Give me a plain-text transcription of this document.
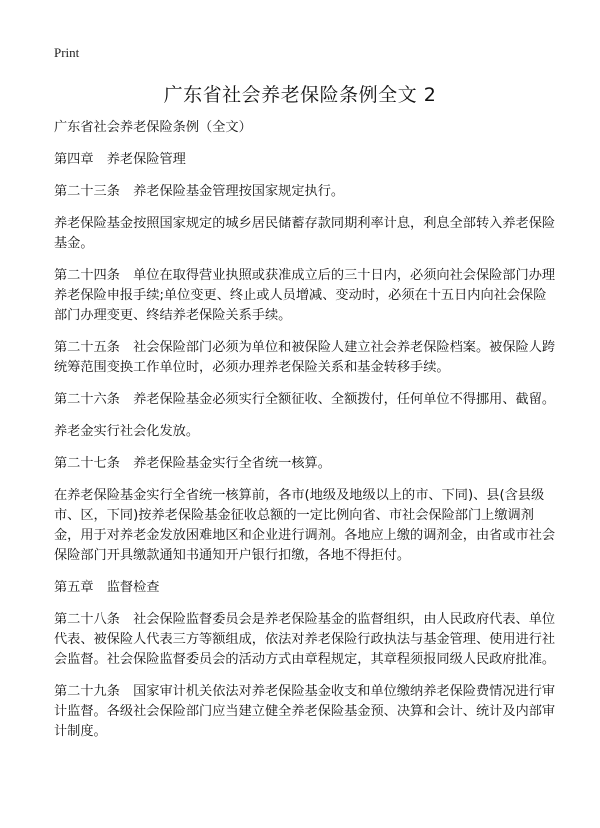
Print
广东省社会养老保险条例全文 2

广东省社会养老保险条例（全文）

第四章　养老保险管理

第二十三条　养老保险基金管理按国家规定执行。

养老保险基金按照国家规定的城乡居民储蓄存款同期利率计息，利息全部转入养老保险基金。

第二十四条　单位在取得营业执照或获准成立后的三十日内，必须向社会保险部门办理养老保险申报手续;单位变更、终止或人员增减、变动时，必须在十五日内向社会保险部门办理变更、终结养老保险关系手续。

第二十五条　社会保险部门必须为单位和被保险人建立社会养老保险档案。被保险人跨统筹范围变换工作单位时，必须办理养老保险关系和基金转移手续。

第二十六条　养老保险基金必须实行全额征收、全额拨付，任何单位不得挪用、截留。

养老金实行社会化发放。

第二十七条　养老保险基金实行全省统一核算。

在养老保险基金实行全省统一核算前，各市(地级及地级以上的市、下同)、县(含县级市、区，下同)按养老保险基金征收总额的一定比例向省、市社会保险部门上缴调剂金，用于对养老金发放困难地区和企业进行调剂。各地应上缴的调剂金，由省或市社会保险部门开具缴款通知书通知开户银行扣缴，各地不得拒付。

第五章　监督检查

第二十八条　社会保险监督委员会是养老保险基金的监督组织，由人民政府代表、单位代表、被保险人代表三方等额组成，依法对养老保险行政执法与基金管理、使用进行社会监督。社会保险监督委员会的活动方式由章程规定，其章程须报同级人民政府批准。

第二十九条　国家审计机关依法对养老保险基金收支和单位缴纳养老保险费情况进行审计监督。各级社会保险部门应当建立健全养老保险基金预、决算和会计、统计及内部审计制度。
